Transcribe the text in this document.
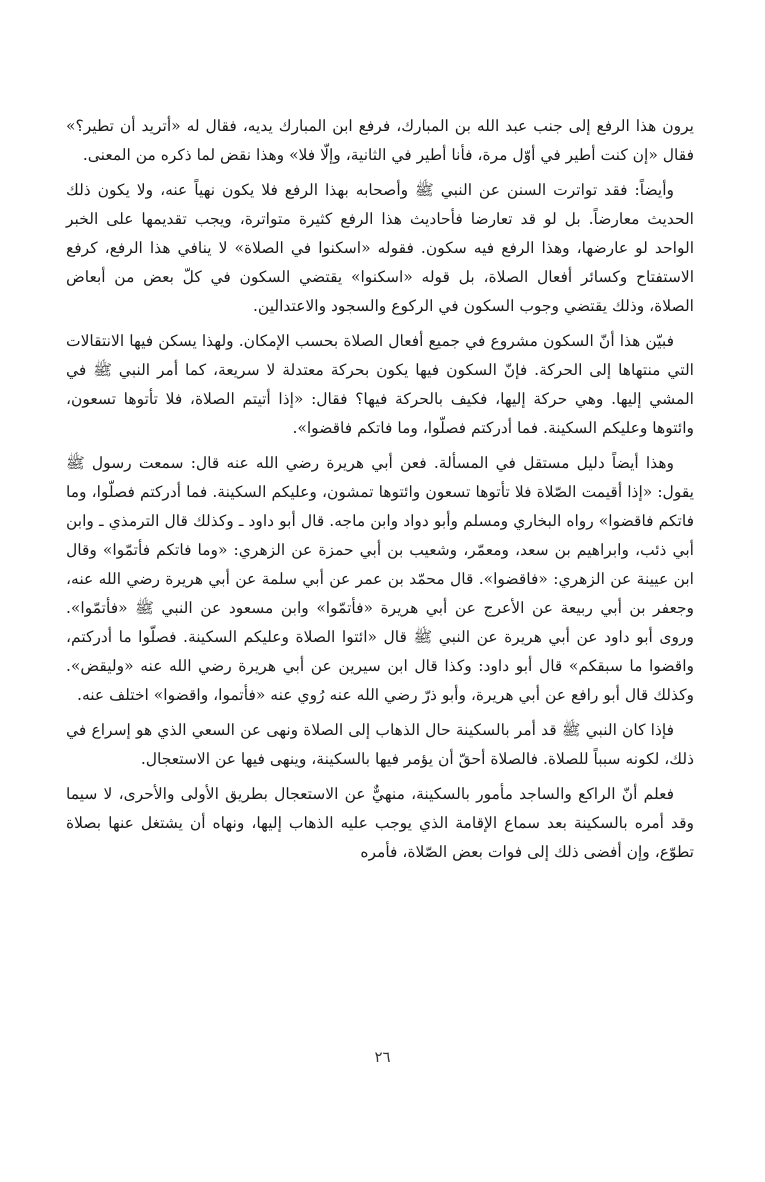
يرون هذا الرفع إلى جنب عبد الله بن المبارك، فرفع ابن المبارك يديه، فقال له «أتريد أن تطير؟» فقال «إن كنت أطير في أوّل مرة، فأنا أطير في الثانية، وإلّا فلا» وهذا نقض لما ذكره من المعنى.

وأيضاً: فقد تواترت السنن عن النبي ﷺ وأصحابه بهذا الرفع فلا يكون نهياً عنه، ولا يكون ذلك الحديث معارضاً. بل لو قد تعارضا فأحاديث هذا الرفع كثيرة متواترة، ويجب تقديمها على الخبر الواحد لو عارضها، وهذا الرفع فيه سكون. فقوله «اسكنوا في الصلاة» لا ينافي هذا الرفع، كرفع الاستفتاح وكسائر أفعال الصلاة، بل قوله «اسكنوا» يقتضي السكون في كلّ بعض من أبعاض الصلاة، وذلك يقتضي وجوب السكون في الركوع والسجود والاعتدالين.

فبيّن هذا أنّ السكون مشروع في جميع أفعال الصلاة بحسب الإمكان. ولهذا يسكن فيها الانتقالات التي منتهاها إلى الحركة. فإنّ السكون فيها يكون بحركة معتدلة لا سريعة، كما أمر النبي ﷺ في المشي إليها. وهي حركة إليها، فكيف بالحركة فيها؟ فقال: «إذا أتيتم الصلاة، فلا تأتوها تسعون، وائتوها وعليكم السكينة. فما أدركتم فصلّوا، وما فاتكم فاقضوا».

وهذا أيضاً دليل مستقل في المسألة. فعن أبي هريرة رضي الله عنه قال: سمعت رسول ﷺ يقول: «إذا أقيمت الصّلاة فلا تأتوها تسعون وائتوها تمشون، وعليكم السكينة. فما أدركتم فصلّوا، وما فاتكم فاقضوا» رواه البخاري ومسلم وأبو دواد وابن ماجه. قال أبو داود ـ وكذلك قال الترمذي ـ وابن أبي ذئب، وابراهيم بن سعد، ومعمّر، وشعيب بن أبي حمزة عن الزهري: «وما فاتكم فأتمّوا» وقال ابن عيينة عن الزهري: «فاقضوا». قال محمّد بن عمر عن أبي سلمة عن أبي هريرة رضي الله عنه، وجعفر بن أبي ربيعة عن الأعرج عن أبي هريرة «فأتمّوا» وابن مسعود عن النبي ﷺ «فأتمّوا». وروى أبو داود عن أبي هريرة عن النبي ﷺ قال «ائتوا الصلاة وعليكم السكينة. فصلّوا ما أدركتم، واقضوا ما سبقكم» قال أبو داود: وكذا قال ابن سيرين عن أبي هريرة رضي الله عنه «وليقض». وكذلك قال أبو رافع عن أبي هريرة، وأبو ذرّ رضي الله عنه رُوي عنه «فأتموا، واقضوا» اختلف عنه.

فإذا كان النبي ﷺ قد أمر بالسكينة حال الذهاب إلى الصلاة ونهى عن السعي الذي هو إسراع في ذلك، لكونه سبباً للصلاة. فالصلاة أحقّ أن يؤمر فيها بالسكينة، وينهى فيها عن الاستعجال.

فعلم أنّ الراكع والساجد مأمور بالسكينة، منهيٌّ عن الاستعجال بطريق الأولى والأحرى، لا سيما وقد أمره بالسكينة بعد سماع الإقامة الذي يوجب عليه الذهاب إليها، ونهاه أن يشتغل عنها بصلاة تطوّع، وإن أفضى ذلك إلى فوات بعض الصّلاة، فأمره

٢٦
